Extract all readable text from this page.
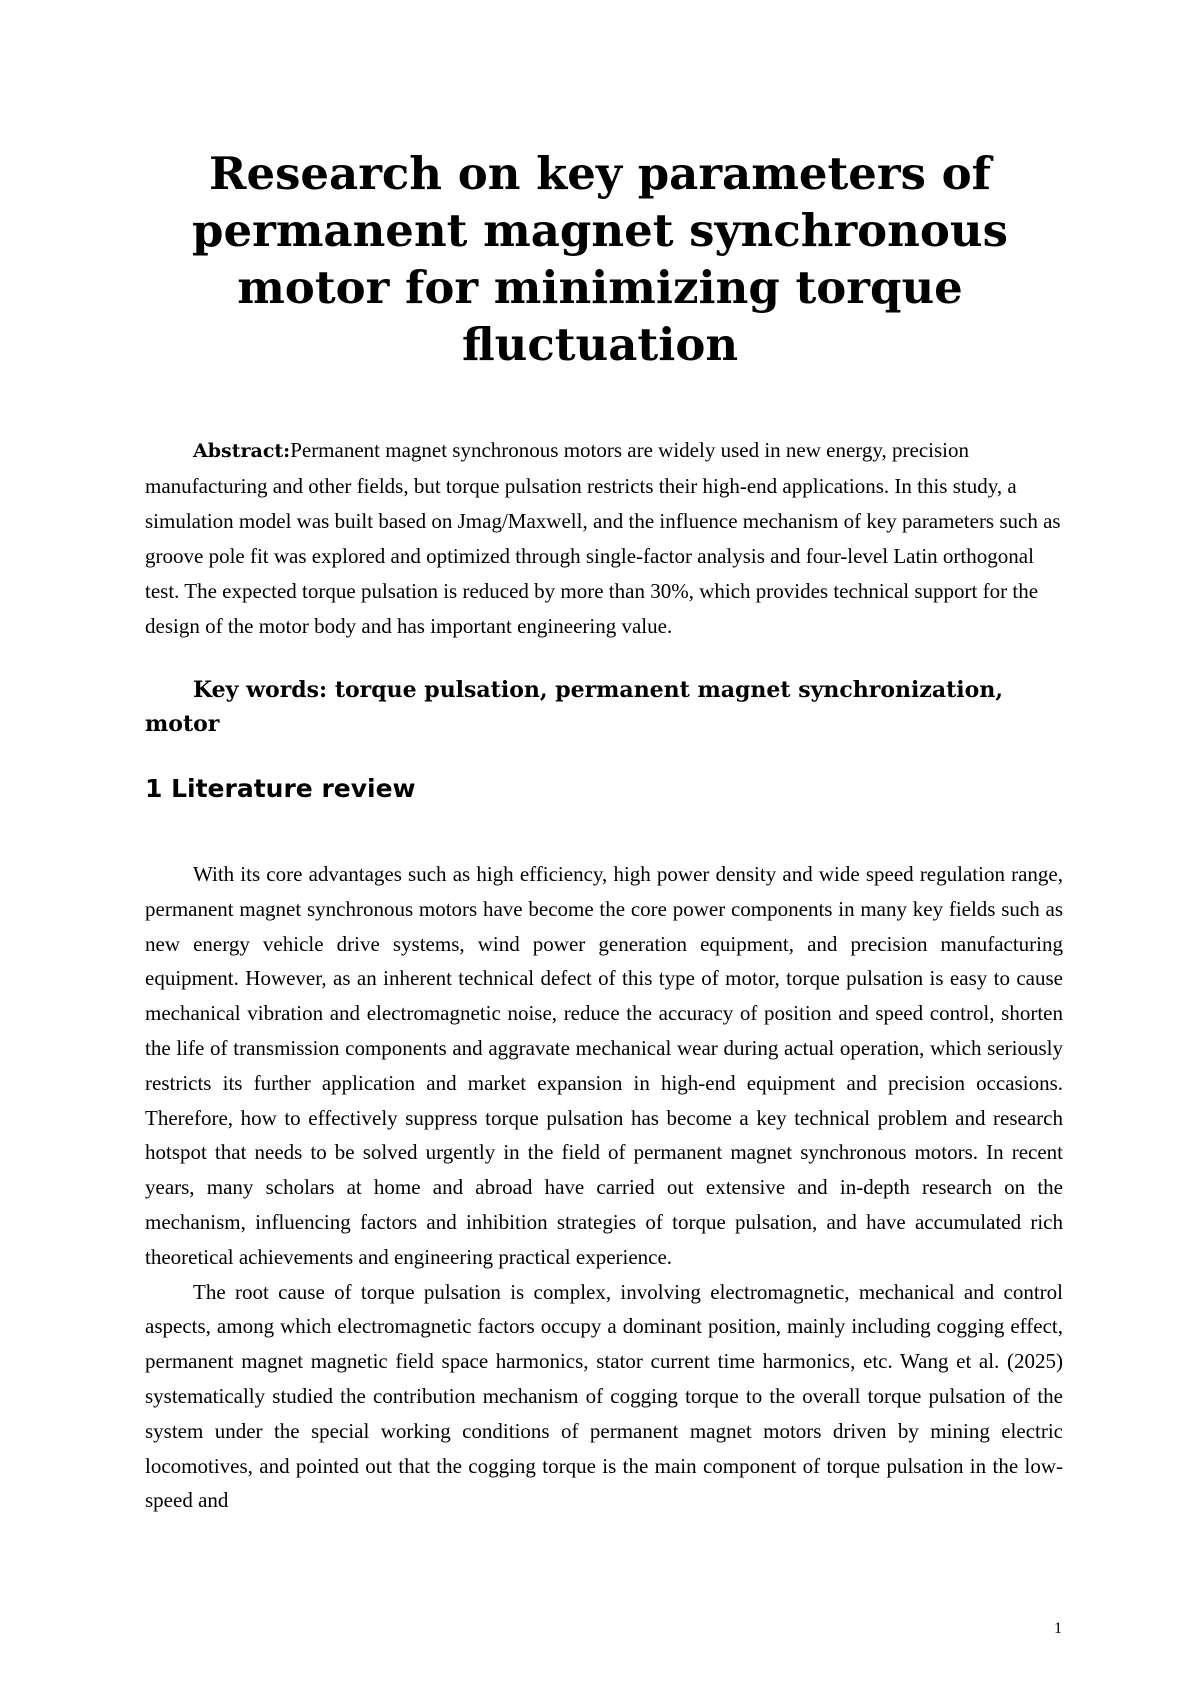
Research on key parameters of permanent magnet synchronous motor for minimizing torque fluctuation

Abstract:Permanent magnet synchronous motors are widely used in new energy, precision manufacturing and other fields, but torque pulsation restricts their high-end applications. In this study, a simulation model was built based on Jmag/Maxwell, and the influence mechanism of key parameters such as groove pole fit was explored and optimized through single-factor analysis and four-level Latin orthogonal test. The expected torque pulsation is reduced by more than 30%, which provides technical support for the design of the motor body and has important engineering value.

Key words: torque pulsation, permanent magnet synchronization, motor

1 Literature review

With its core advantages such as high efficiency, high power density and wide speed regulation range, permanent magnet synchronous motors have become the core power components in many key fields such as new energy vehicle drive systems, wind power generation equipment, and precision manufacturing equipment. However, as an inherent technical defect of this type of motor, torque pulsation is easy to cause mechanical vibration and electromagnetic noise, reduce the accuracy of position and speed control, shorten the life of transmission components and aggravate mechanical wear during actual operation, which seriously restricts its further application and market expansion in high-end equipment and precision occasions. Therefore, how to effectively suppress torque pulsation has become a key technical problem and research hotspot that needs to be solved urgently in the field of permanent magnet synchronous motors. In recent years, many scholars at home and abroad have carried out extensive and in-depth research on the mechanism, influencing factors and inhibition strategies of torque pulsation, and have accumulated rich theoretical achievements and engineering practical experience.

The root cause of torque pulsation is complex, involving electromagnetic, mechanical and control aspects, among which electromagnetic factors occupy a dominant position, mainly including cogging effect, permanent magnet magnetic field space harmonics, stator current time harmonics, etc. Wang et al. (2025) systematically studied the contribution mechanism of cogging torque to the overall torque pulsation of the system under the special working conditions of permanent magnet motors driven by mining electric locomotives, and pointed out that the cogging torque is the main component of torque pulsation in the low-speed and

1
